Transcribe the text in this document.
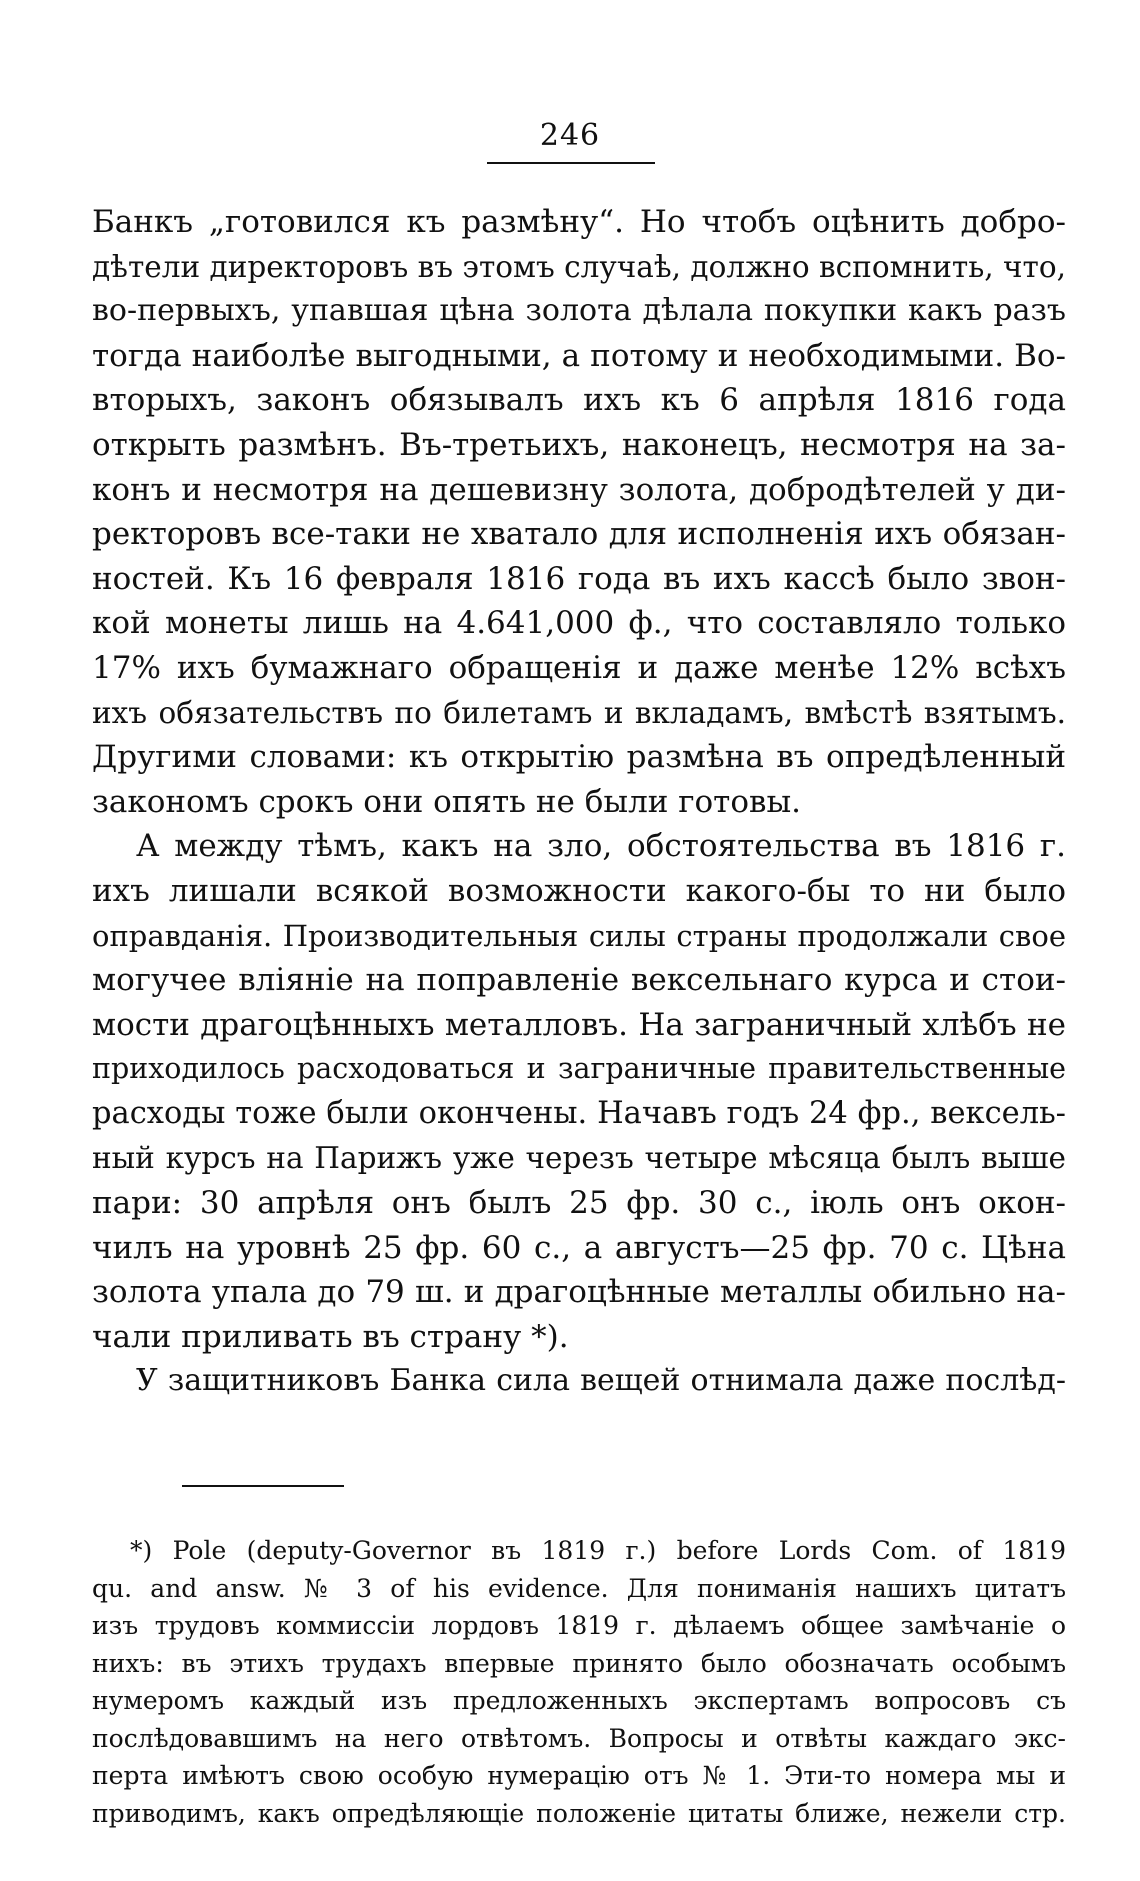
246
Банкъ „готовился къ размѣну“. Но чтобъ оцѣнить добро-
дѣтели директоровъ въ этомъ случаѣ, должно вспомнить, что,
во-первыхъ, упавшая цѣна золота дѣлала покупки какъ разъ
тогда наиболѣе выгодными, а потому и необходимыми. Во-
вторыхъ, законъ обязывалъ ихъ къ 6 апрѣля 1816 года
открыть размѣнъ. Въ-третьихъ, наконецъ, несмотря на за-
конъ и несмотря на дешевизну золота, добродѣтелей у ди-
ректоровъ все-таки не хватало для исполненія ихъ обязан-
ностей. Къ 16 февраля 1816 года въ ихъ кассѣ было звон-
кой монеты лишь на 4.641,000 ф., что составляло только
17% ихъ бумажнаго обращенія и даже менѣе 12% всѣхъ
ихъ обязательствъ по билетамъ и вкладамъ, вмѣстѣ взятымъ.
Другими словами: къ открытію размѣна въ опредѣленный
закономъ срокъ они опять не были готовы.
А между тѣмъ, какъ на зло, обстоятельства въ 1816 г.
ихъ лишали всякой возможности какого-бы то ни было
оправданія. Производительныя силы страны продолжали свое
могучее вліяніе на поправленіе вексельнаго курса и стои-
мости драгоцѣнныхъ металловъ. На заграничный хлѣбъ не
приходилось расходоваться и заграничные правительственные
расходы тоже были окончены. Начавъ годъ 24 фр., вексель-
ный курсъ на Парижъ уже черезъ четыре мѣсяца былъ выше
пари: 30 апрѣля онъ былъ 25 фр. 30 с., іюль онъ окон-
чилъ на уровнѣ 25 фр. 60 с., а августъ—25 фр. 70 с. Цѣна
золота упала до 79 ш. и драгоцѣнные металлы обильно на-
чали приливать въ страну *).
У защитниковъ Банка сила вещей отнимала даже послѣд-
*) Pole (deputy-Governor въ 1819 г.) before Lords Com. of 1819
qu. and answ. № 3 of his evidence. Для пониманія нашихъ цитатъ
изъ трудовъ коммиссіи лордовъ 1819 г. дѣлаемъ общее замѣчаніе о
нихъ: въ этихъ трудахъ впервые принято было обозначать особымъ
нумеромъ каждый изъ предложенныхъ экспертамъ вопросовъ съ
послѣдовавшимъ на него отвѣтомъ. Вопросы и отвѣты каждаго экс-
перта имѣютъ свою особую нумерацію отъ № 1. Эти-то номера мы и
приводимъ, какъ опредѣляющіе положеніе цитаты ближе, нежели стр.
